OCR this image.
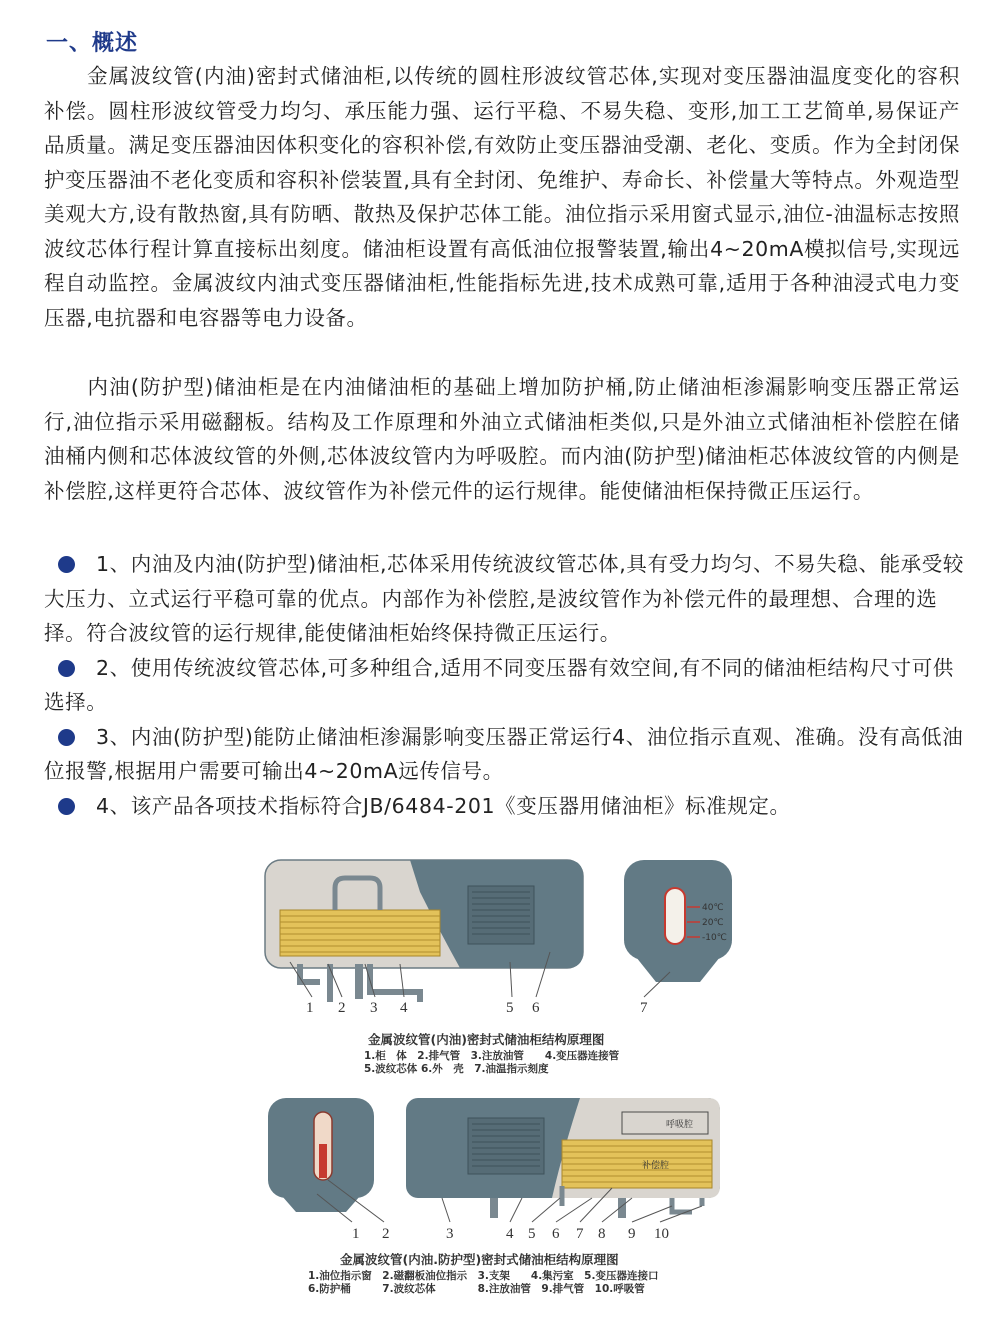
一、概述
　　金属波纹管(内油)密封式储油柜,以传统的圆柱形波纹管芯体,实现对变压器油温度变化的容积补偿。圆柱形波纹管受力均匀、承压能力强、运行平稳、不易失稳、变形,加工工艺简单,易保证产品质量。满足变压器油因体积变化的容积补偿,有效防止变压器油受潮、老化、变质。作为全封闭保护变压器油不老化变质和容积补偿装置,具有全封闭、免维护、寿命长、补偿量大等特点。外观造型美观大方,设有散热窗,具有防晒、散热及保护芯体工能。油位指示采用窗式显示,油位-油温标志按照波纹芯体行程计算直接标出刻度。储油柜设置有高低油位报警装置,输出4~20mA模拟信号,实现远程自动监控。金属波纹内油式变压器储油柜,性能指标先进,技术成熟可靠,适用于各种油浸式电力变压器,电抗器和电容器等电力设备。
　　内油(防护型)储油柜是在内油储油柜的基础上增加防护桶,防止储油柜渗漏影响变压器正常运行,油位指示采用磁翻板。结构及工作原理和外油立式储油柜类似,只是外油立式储油柜补偿腔在储油桶内侧和芯体波纹管的外侧,芯体波纹管内为呼吸腔。而内油(防护型)储油柜芯体波纹管的内侧是补偿腔,这样更符合芯体、波纹管作为补偿元件的运行规律。能使储油柜保持微正压运行。

1、内油及内油(防护型)储油柜,芯体采用传统波纹管芯体,具有受力均匀、不易失稳、能承受较大压力、立式运行平稳可靠的优点。内部作为补偿腔,是波纹管作为补偿元件的最理想、合理的选择。符合波纹管的运行规律,能使储油柜始终保持微正压运行。

2、使用传统波纹管芯体,可多种组合,适用不同变压器有效空间,有不同的储油柜结构尺寸可供选择。

3、内油(防护型)能防止储油柜渗漏影响变压器正常运行4、油位指示直观、准确。没有高低油位报警,根据用户需要可输出4~20mA远传信号。

4、该产品各项技术指标符合JB/6484-201《变压器用储油柜》标准规定。

40℃
20℃
-10℃
1 2 3 4	5 6	7
金属波纹管(内油)密封式储油柜结构原理图
1.柜　体　2.排气管　3.注放油管　　4.变压器连接管
5.波纹芯体 6.外　壳　7.油温指示刻度
呼吸腔
补偿腔
1 2	3	4 5 6 7 8 9 10
金属波纹管(内油.防护型)密封式储油柜结构原理图
1.油位指示窗　2.磁翻板油位指示　3.支架　　4.集污室　5.变压器连接口
6.防护桶　　　7.波纹芯体　　　　8.注放油管　9.排气管　10.呼吸管
